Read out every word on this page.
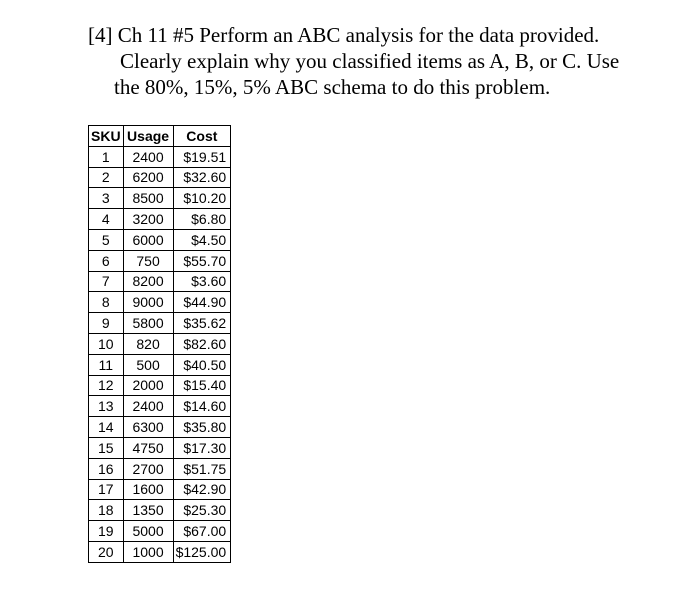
[4] Ch 11 #5 Perform an ABC analysis for the data provided.
Clearly explain why you classified items as A, B, or C. Use
the 80%, 15%, 5% ABC schema to do this problem.
SKU	Usage	Cost
1	2400	$19.51
2	6200	$32.60
3	8500	$10.20
4	3200	$6.80
5	6000	$4.50
6	750	$55.70
7	8200	$3.60
8	9000	$44.90
9	5800	$35.62
10	820	$82.60
11	500	$40.50
12	2000	$15.40
13	2400	$14.60
14	6300	$35.80
15	4750	$17.30
16	2700	$51.75
17	1600	$42.90
18	1350	$25.30
19	5000	$67.00
20	1000	$125.00
